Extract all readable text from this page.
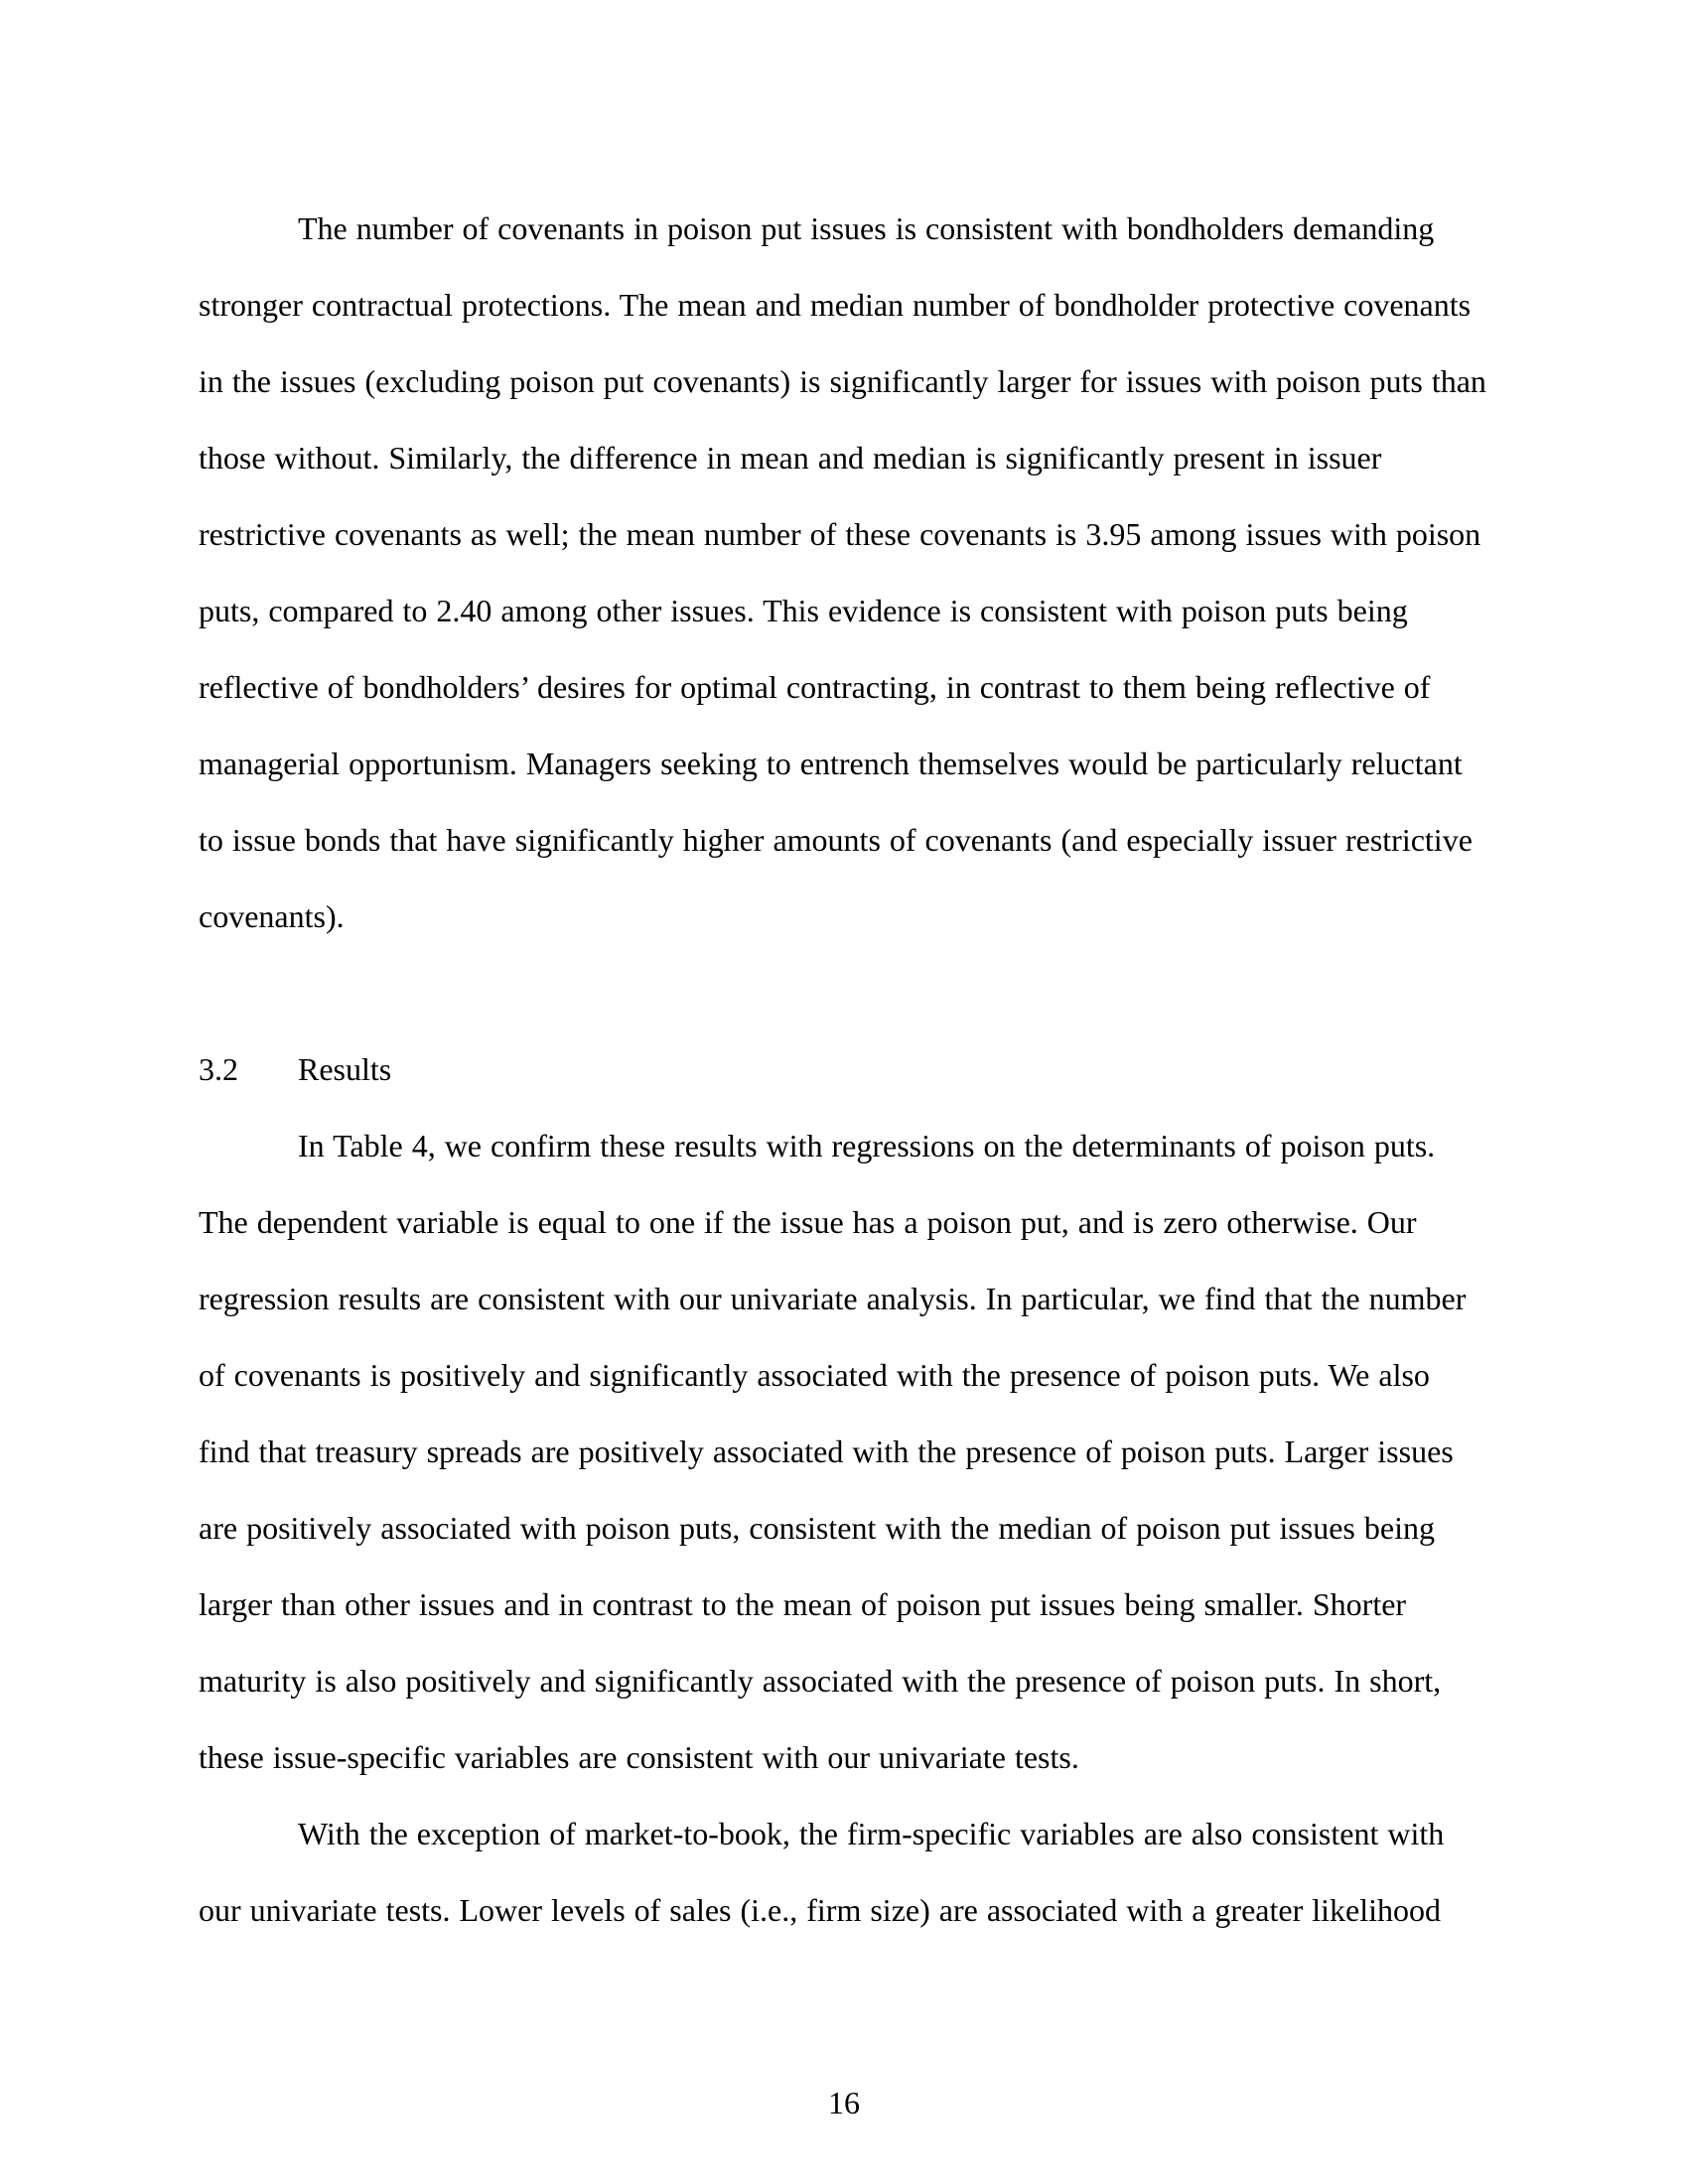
The number of covenants in poison put issues is consistent with bondholders demanding stronger contractual protections. The mean and median number of bondholder protective covenants in the issues (excluding poison put covenants) is significantly larger for issues with poison puts than those without. Similarly, the difference in mean and median is significantly present in issuer restrictive covenants as well; the mean number of these covenants is 3.95 among issues with poison puts, compared to 2.40 among other issues. This evidence is consistent with poison puts being reflective of bondholders’ desires for optimal contracting, in contrast to them being reflective of managerial opportunism. Managers seeking to entrench themselves would be particularly reluctant to issue bonds that have significantly higher amounts of covenants (and especially issuer restrictive covenants).

3.2 Results

In Table 4, we confirm these results with regressions on the determinants of poison puts. The dependent variable is equal to one if the issue has a poison put, and is zero otherwise. Our regression results are consistent with our univariate analysis. In particular, we find that the number of covenants is positively and significantly associated with the presence of poison puts. We also find that treasury spreads are positively associated with the presence of poison puts. Larger issues are positively associated with poison puts, consistent with the median of poison put issues being larger than other issues and in contrast to the mean of poison put issues being smaller. Shorter maturity is also positively and significantly associated with the presence of poison puts. In short, these issue-specific variables are consistent with our univariate tests.

With the exception of market-to-book, the firm-specific variables are also consistent with our univariate tests. Lower levels of sales (i.e., firm size) are associated with a greater likelihood

16
